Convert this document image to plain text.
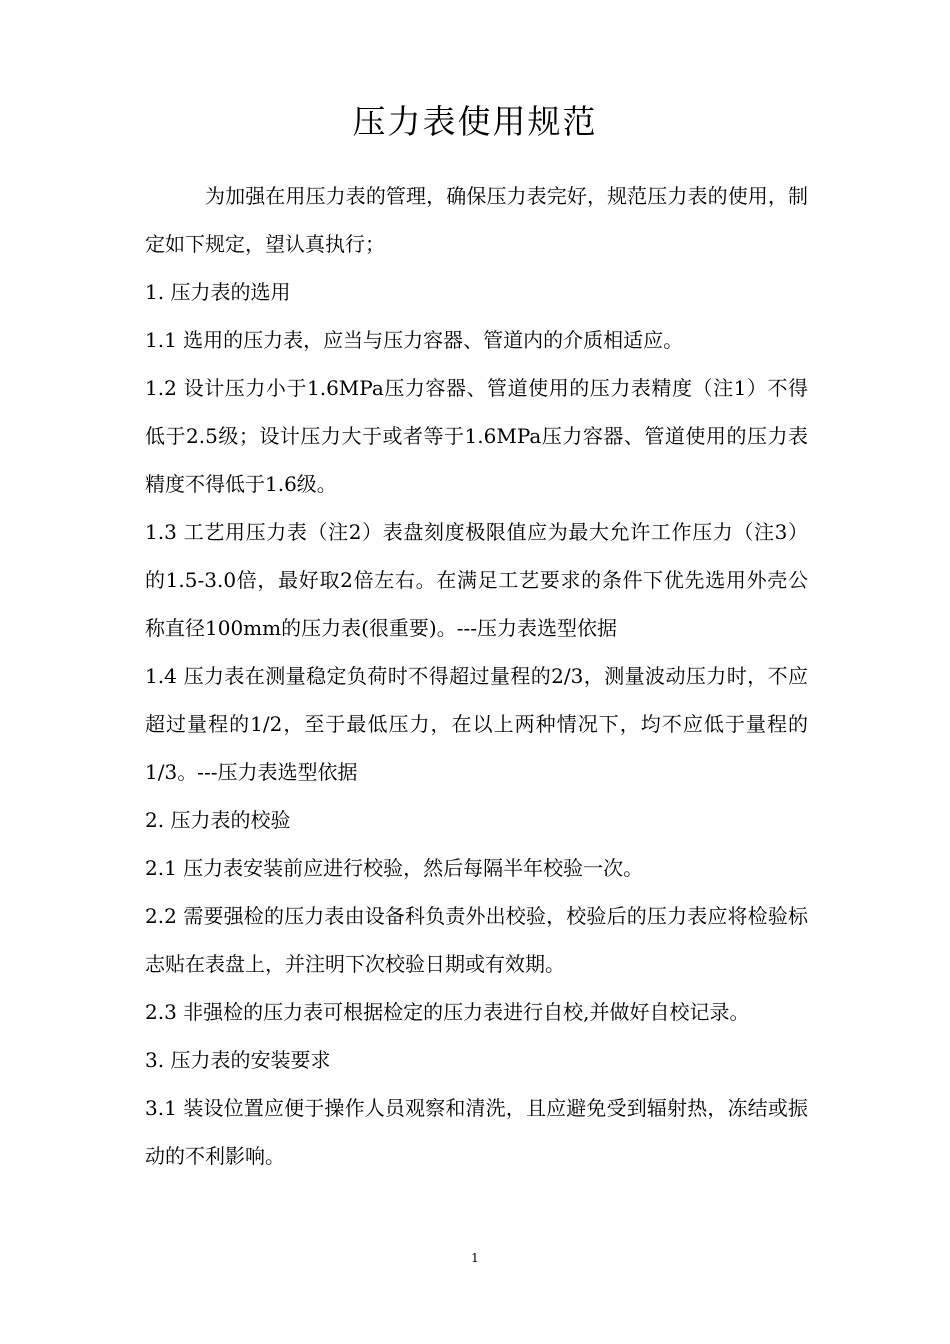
压力表使用规范

为加强在用压力表的管理，确保压力表完好，规范压力表的使用，制定如下规定，望认真执行；

1. 压力表的选用

1.1 选用的压力表，应当与压力容器、管道内的介质相适应。

1.2 设计压力小于1.6MPa压力容器、管道使用的压力表精度（注1）不得低于2.5级；设计压力大于或者等于1.6MPa压力容器、管道使用的压力表精度不得低于1.6级。

1.3 工艺用压力表（注2）表盘刻度极限值应为最大允许工作压力（注3）的1.5-3.0倍，最好取2倍左右。在满足工艺要求的条件下优先选用外壳公称直径100mm的压力表(很重要)。---压力表选型依据

1.4 压力表在测量稳定负荷时不得超过量程的2/3，测量波动压力时，不应超过量程的1/2，至于最低压力，在以上两种情况下，均不应低于量程的1/3。---压力表选型依据

2. 压力表的校验

2.1 压力表安装前应进行校验，然后每隔半年校验一次。

2.2 需要强检的压力表由设备科负责外出校验，校验后的压力表应将检验标志贴在表盘上，并注明下次校验日期或有效期。

2.3 非强检的压力表可根据检定的压力表进行自校,并做好自校记录。

3. 压力表的安装要求

3.1 装设位置应便于操作人员观察和清洗，且应避免受到辐射热，冻结或振动的不利影响。

1
